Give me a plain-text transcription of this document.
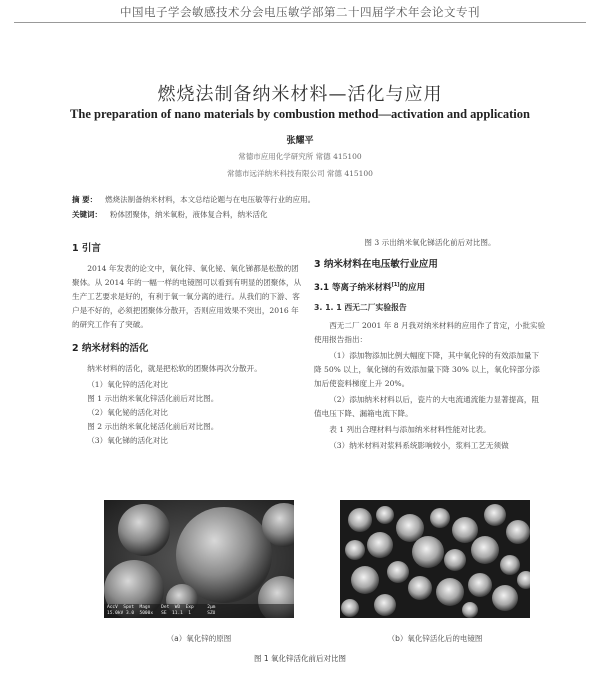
中国电子学会敏感技术分会电压敏学部第二十四届学术年会论文专刊
燃烧法制备纳米材料—活化与应用
The preparation of nano materials by combustion method—activation and application
张耀平
常德市应用化学研究所 常德 415100
常德市远洋纳米科技有限公司 常德 415100
摘 要： 燃烧法制备纳米材料，本文总结论题与在电压敏等行业的应用。
关键词： 粉体团聚体，纳米氧粉，液体复合料，纳米活化
1 引言

2014 年发表的论文中，氧化锌、氧化铋、氧化锑都是松散的团聚体。从 2014 年的一幅一样的电镜图可以看到有明显的团聚体，从生产工艺要求是好的，有利于氧一氧分离的进行。从我们的下游、客户是不好的，必须把团聚体分散开，否则应用效果不突出，2016 年的研究工作有了突破。

2 纳米材料的活化

纳米材料的活化，就是把松软的团聚体再次分散开。

（1）氧化锌的活化对比

图 1 示出纳米氧化锌活化前后对比图。

（2）氧化铋的活化对比

图 2 示出纳米氧化铋活化前后对比图。

（3）氧化锑的活化对比

图 3 示出纳米氧化锑活化前后对比图。
3 纳米材料在电压敏行业应用
3.1 等离子纳米材料[1]的应用
3. 1. 1 西无二厂实验报告

西无二厂 2001 年 8 月我对纳米材料的应用作了肯定，小批实验使用报告指出：

（1）添加物添加比例大幅度下降，其中氧化锌的有效添加量下降 50% 以上，氧化锑的有效添加量下降 30% 以上，氧化锌部分添加后使瓷料梯度上升 20%。

（2）添加纳米材料以后，瓷片的大电流通流能力显著提高，阻值电压下降、漏箱电流下降。

表 1 列出合理材料与添加纳米材料性能对比表。

（3）纳米材料对浆料系统影响较小，浆料工艺无须做

AccV  Spot  Magn    Det  WD  Exp     2μm
15.0kV 3.0  5000x   SE  11.1  1      SZU
（a）氧化锌的原图	（b）氧化锌活化后的电镜图
图 1 氧化锌活化前后对比图
